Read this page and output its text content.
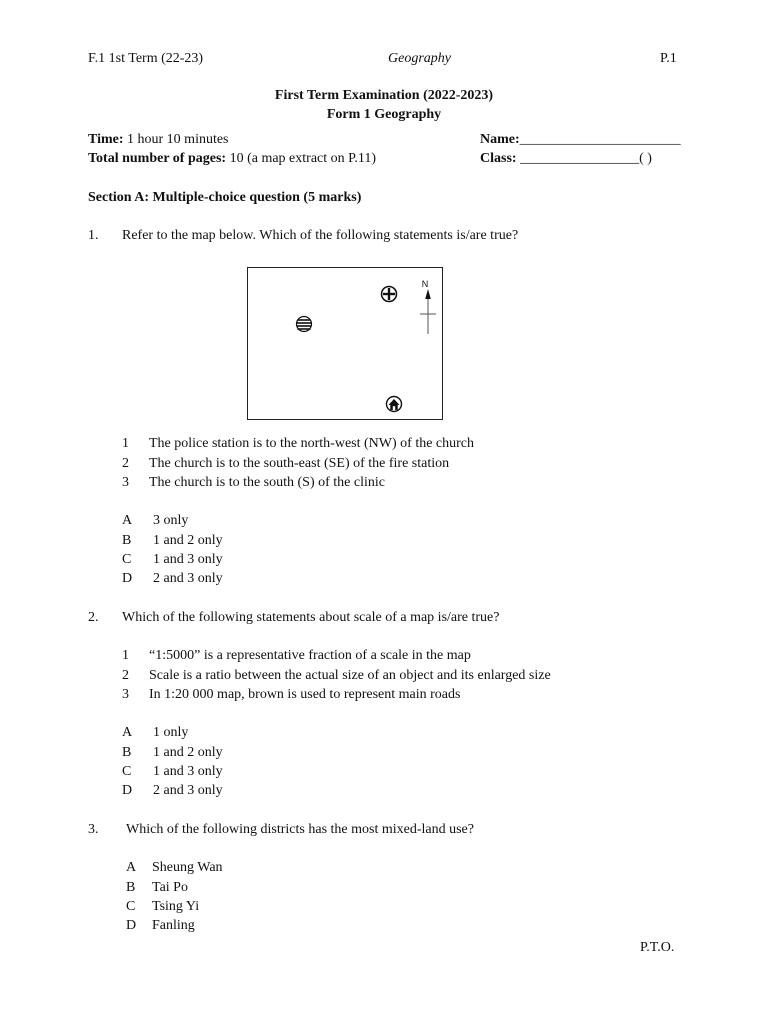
F.1 1st Term (22-23)	Geography	P.1
First Term Examination (2022-2023)
Form 1 Geography
Time: 1 hour 10 minutes
Total number of pages: 10 (a map extract on P.11)
Name:_______________________
Class: _________________( )
Section A: Multiple-choice question (5 marks)
1. Refer to the map below. Which of the following statements is/are true?
N
1 The police station is to the north-west (NW) of the church
2 The church is to the south-east (SE) of the fire station
3 The church is to the south (S) of the clinic
A 3 only
B 1 and 2 only
C 1 and 3 only
D 2 and 3 only
2. Which of the following statements about scale of a map is/are true?
1 “1:5000” is a representative fraction of a scale in the map
2 Scale is a ratio between the actual size of an object and its enlarged size
3 In 1:20 000 map, brown is used to represent main roads
A 1 only
B 1 and 2 only
C 1 and 3 only
D 2 and 3 only
3. Which of the following districts has the most mixed-land use?
A Sheung Wan
B Tai Po
C Tsing Yi
D Fanling
P.T.O.
